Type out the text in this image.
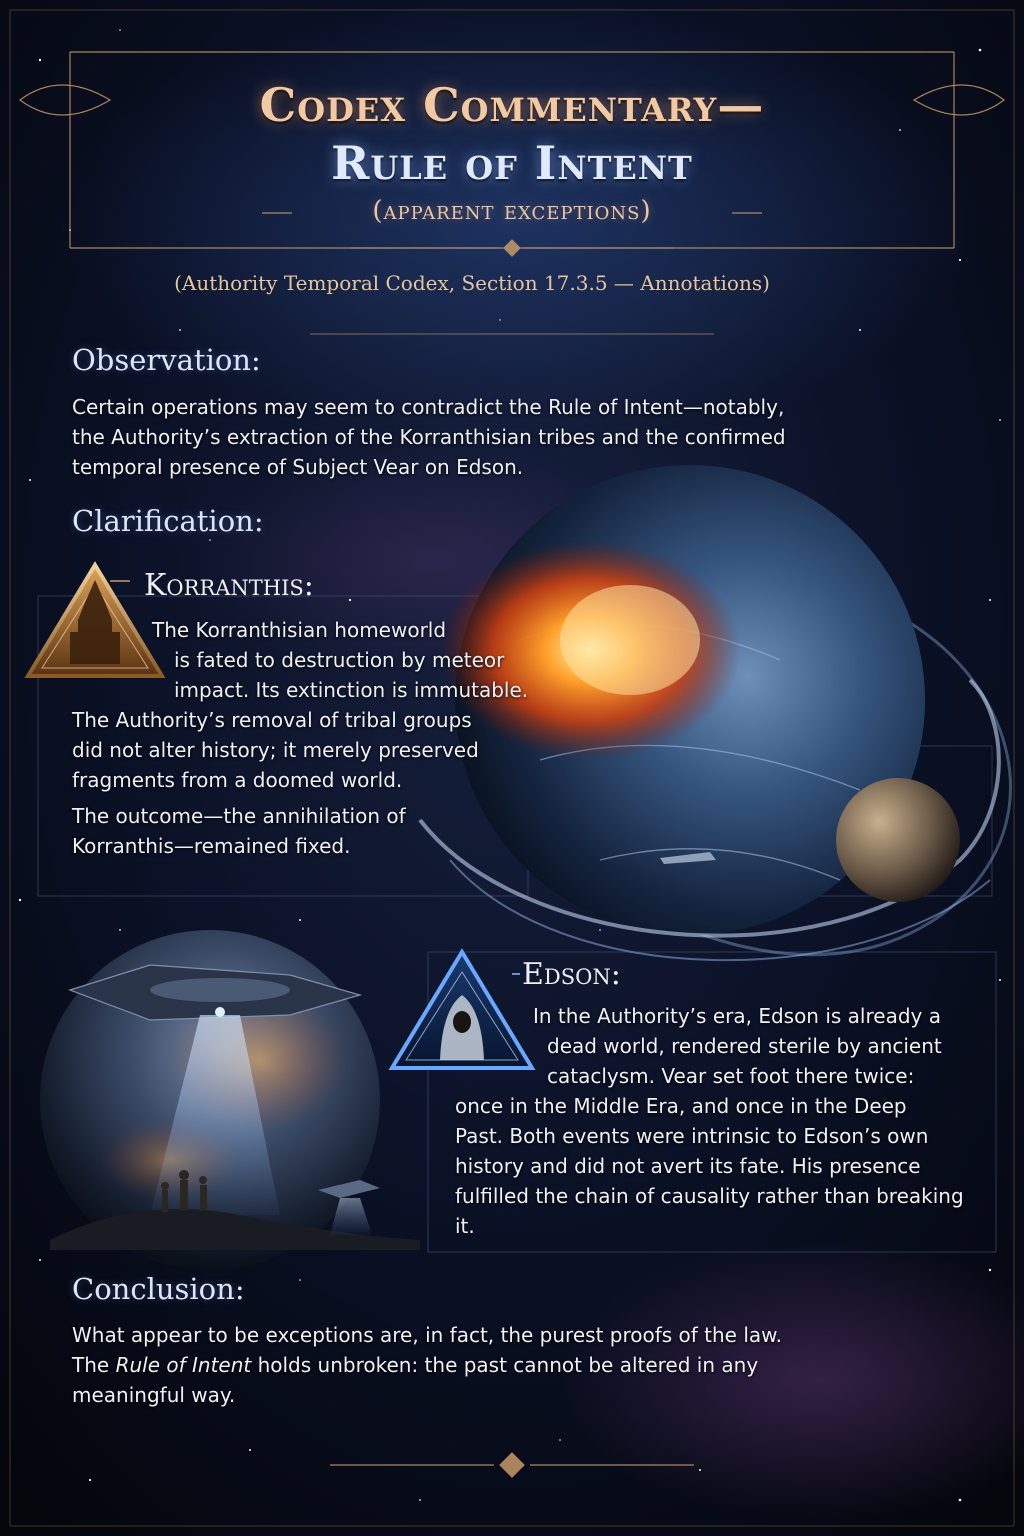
Codex Commentary—
Rule of Intent
(apparent exceptions)
(Authority Temporal Codex, Section 17.3.5 — Annotations)
Observation:

Certain operations may seem to contradict the Rule of Intent—notably,
the Authority’s extraction of the Korranthisian tribes and the confirmed
temporal presence of Subject Vear on Edson.

Clarification:
Korranthis:

The Korranthisian homeworld
is fated to destruction by meteor
impact. Its extinction is immutable.
The Authority’s removal of tribal groups
did not alter history; it merely preserved
fragments from a doomed world.
The outcome—the annihilation of
Korranthis—remained fixed.

Edson:

In the Authority’s era, Edson is already a
dead world, rendered sterile by ancient
cataclysm. Vear set foot there twice:
once in the Middle Era, and once in the Deep
Past. Both events were intrinsic to Edson’s own
history and did not avert its fate. His presence
fulfilled the chain of causality rather than breaking
it.

Conclusion:

What appear to be exceptions are, in fact, the purest proofs of the law.
The Rule of Intent holds unbroken: the past cannot be altered in any
meaningful way.
